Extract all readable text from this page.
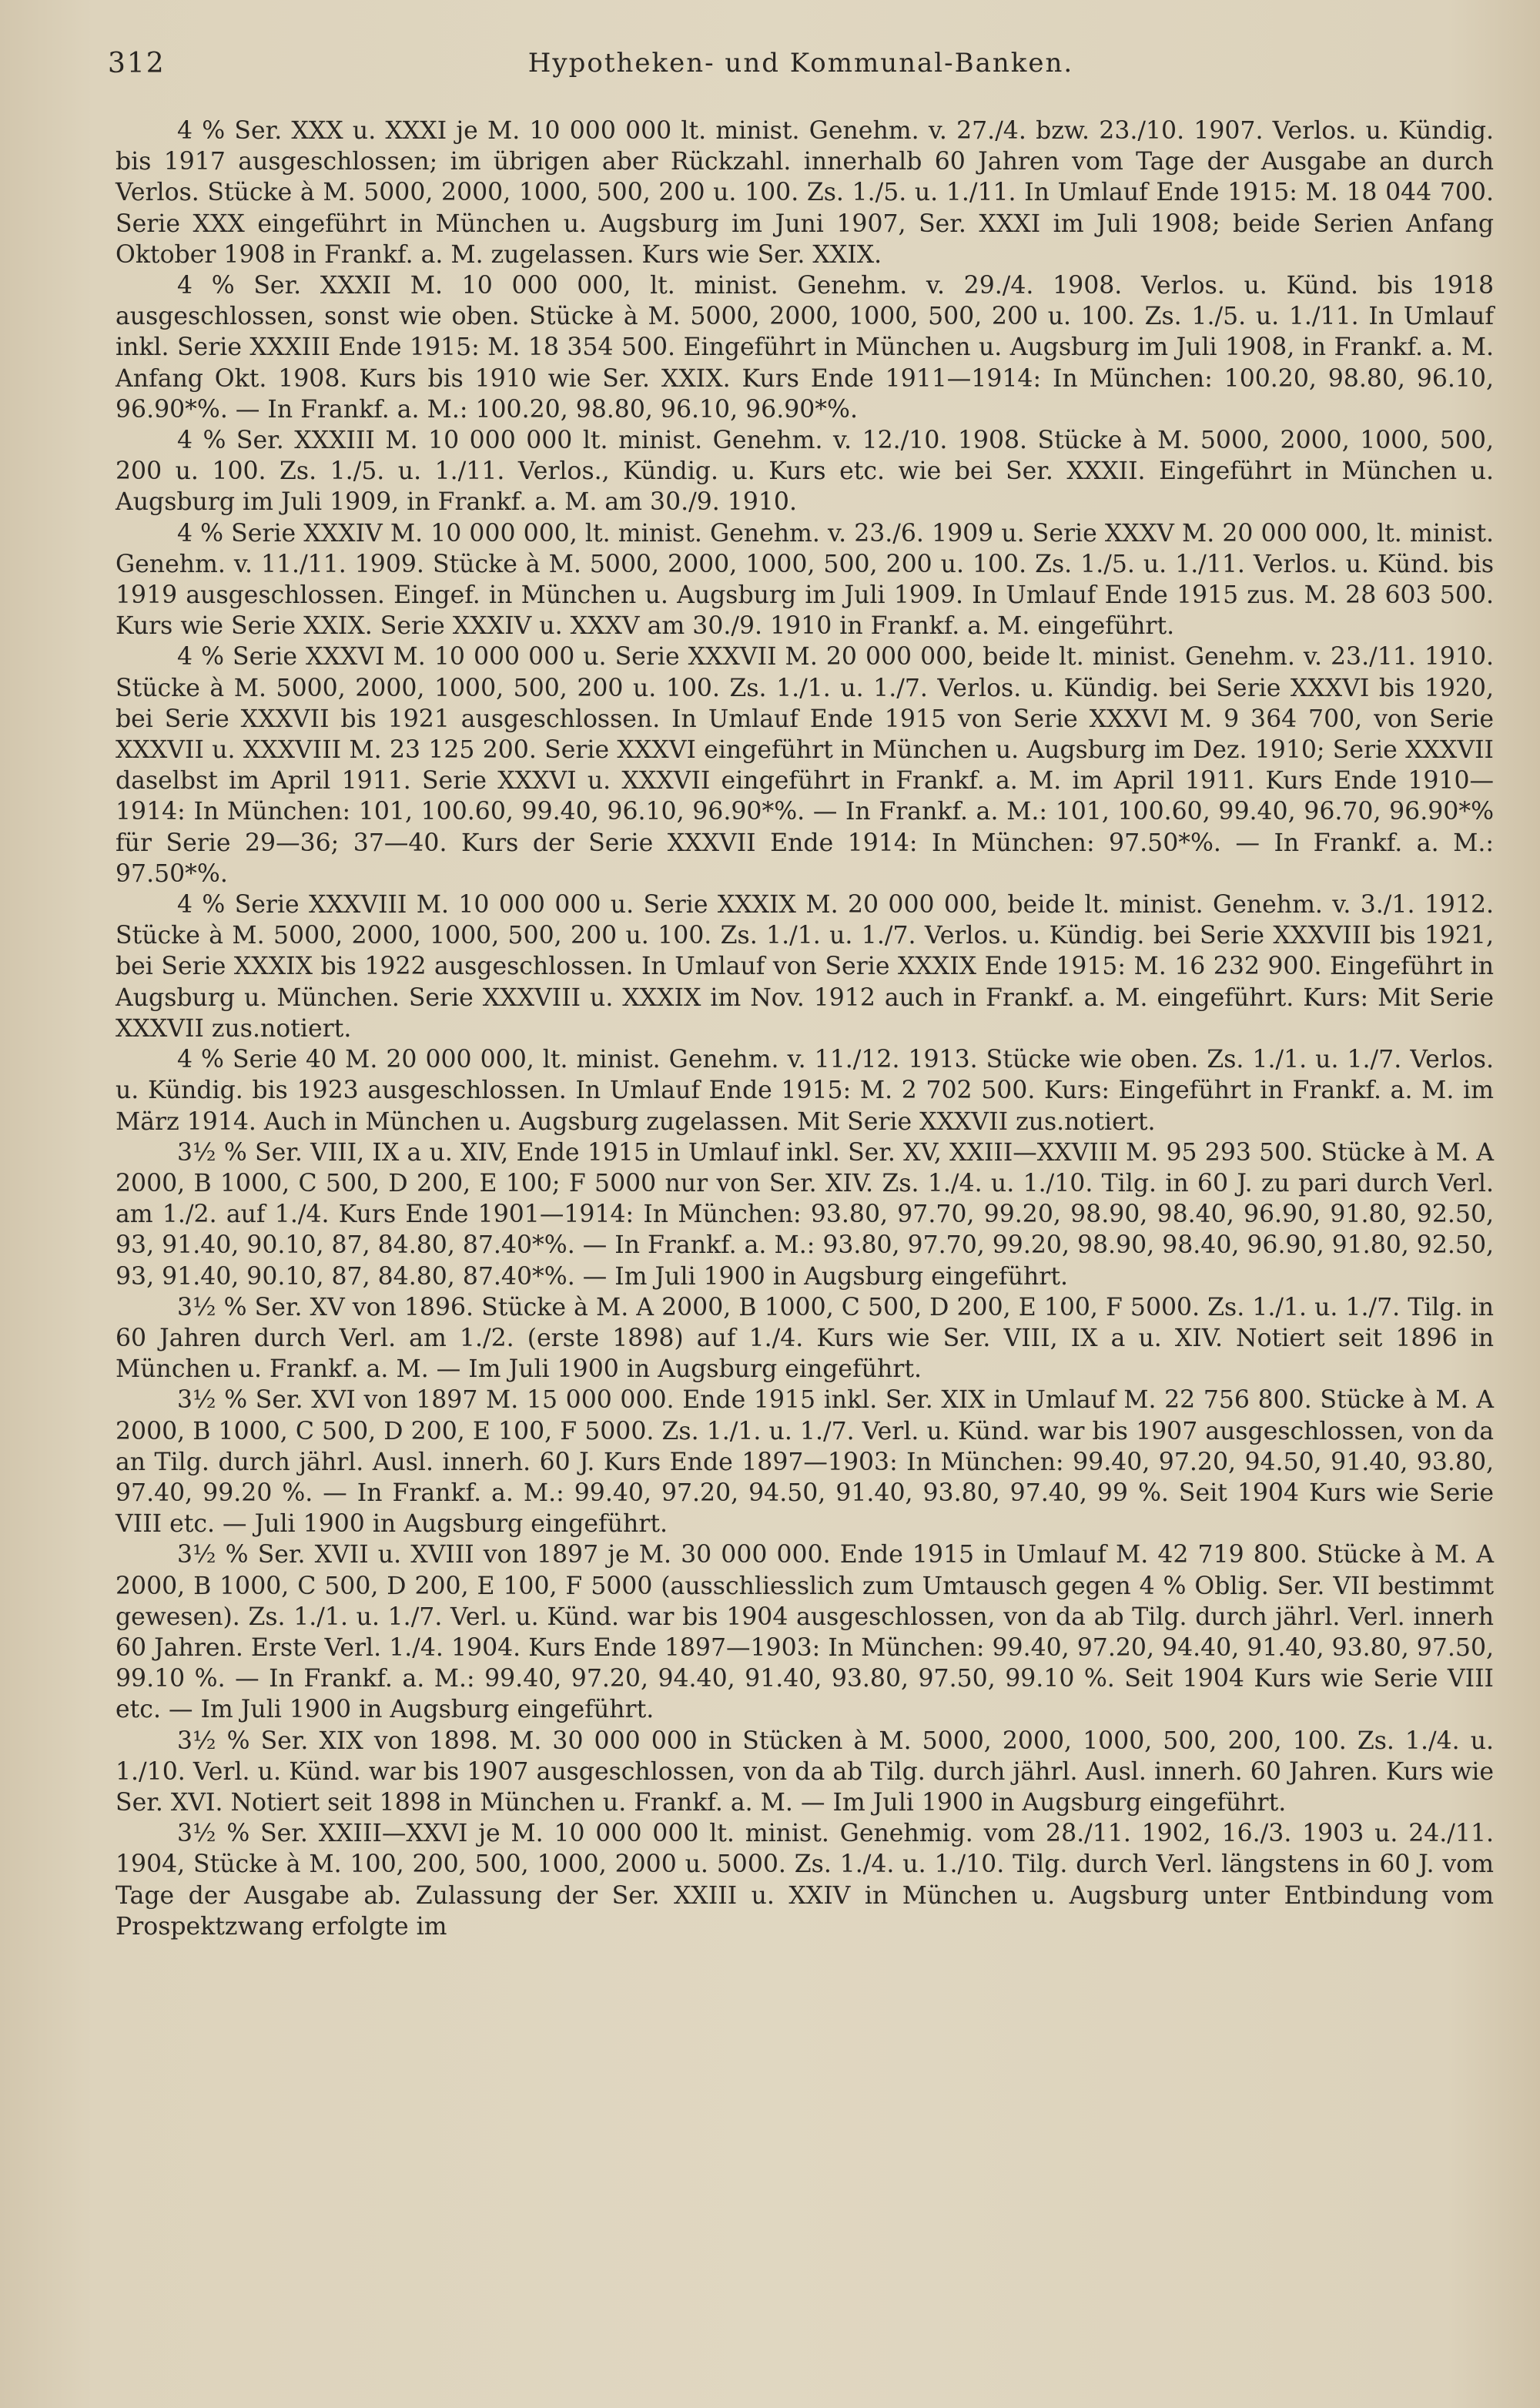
312	Hypotheken- und Kommunal-Banken.

4 % Ser. XXX u. XXXI je M. 10 000 000 lt. minist. Genehm. v. 27./4. bzw. 23./10. 1907. Verlos. u. Kündig. bis 1917 ausgeschlossen; im übrigen aber Rückzahl. innerhalb 60 Jahren vom Tage der Ausgabe an durch Verlos. Stücke à M. 5000, 2000, 1000, 500, 200 u. 100. Zs. 1./5. u. 1./11. In Umlauf Ende 1915: M. 18 044 700. Serie XXX eingeführt in München u. Augsburg im Juni 1907, Ser. XXXI im Juli 1908; beide Serien Anfang Oktober 1908 in Frankf. a. M. zugelassen. Kurs wie Ser. XXIX.

4 % Ser. XXXII M. 10 000 000, lt. minist. Genehm. v. 29./4. 1908. Verlos. u. Künd. bis 1918 ausgeschlossen, sonst wie oben. Stücke à M. 5000, 2000, 1000, 500, 200 u. 100. Zs. 1./5. u. 1./11. In Umlauf inkl. Serie XXXIII Ende 1915: M. 18 354 500. Eingeführt in München u. Augsburg im Juli 1908, in Frankf. a. M. Anfang Okt. 1908. Kurs bis 1910 wie Ser. XXIX. Kurs Ende 1911—1914: In München: 100.20, 98.80, 96.10, 96.90*%. — In Frankf. a. M.: 100.20, 98.80, 96.10, 96.90*%.

4 % Ser. XXXIII M. 10 000 000 lt. minist. Genehm. v. 12./10. 1908. Stücke à M. 5000, 2000, 1000, 500, 200 u. 100. Zs. 1./5. u. 1./11. Verlos., Kündig. u. Kurs etc. wie bei Ser. XXXII. Eingeführt in München u. Augsburg im Juli 1909, in Frankf. a. M. am 30./9. 1910.

4 % Serie XXXIV M. 10 000 000, lt. minist. Genehm. v. 23./6. 1909 u. Serie XXXV M. 20 000 000, lt. minist. Genehm. v. 11./11. 1909. Stücke à M. 5000, 2000, 1000, 500, 200 u. 100. Zs. 1./5. u. 1./11. Verlos. u. Künd. bis 1919 ausgeschlossen. Eingef. in München u. Augsburg im Juli 1909. In Umlauf Ende 1915 zus. M. 28 603 500. Kurs wie Serie XXIX. Serie XXXIV u. XXXV am 30./9. 1910 in Frankf. a. M. eingeführt.

4 % Serie XXXVI M. 10 000 000 u. Serie XXXVII M. 20 000 000, beide lt. minist. Genehm. v. 23./11. 1910. Stücke à M. 5000, 2000, 1000, 500, 200 u. 100. Zs. 1./1. u. 1./7. Verlos. u. Kündig. bei Serie XXXVI bis 1920, bei Serie XXXVII bis 1921 ausgeschlossen. In Umlauf Ende 1915 von Serie XXXVI M. 9 364 700, von Serie XXXVII u. XXXVIII M. 23 125 200. Serie XXXVI eingeführt in München u. Augsburg im Dez. 1910; Serie XXXVII daselbst im April 1911. Serie XXXVI u. XXXVII eingeführt in Frankf. a. M. im April 1911. Kurs Ende 1910—1914: In München: 101, 100.60, 99.40, 96.10, 96.90*%. — In Frankf. a. M.: 101, 100.60, 99.40, 96.70, 96.90*% für Serie 29—36; 37—40. Kurs der Serie XXXVII Ende 1914: In München: 97.50*%. — In Frankf. a. M.: 97.50*%.

4 % Serie XXXVIII M. 10 000 000 u. Serie XXXIX M. 20 000 000, beide lt. minist. Genehm. v. 3./1. 1912. Stücke à M. 5000, 2000, 1000, 500, 200 u. 100. Zs. 1./1. u. 1./7. Verlos. u. Kündig. bei Serie XXXVIII bis 1921, bei Serie XXXIX bis 1922 ausgeschlossen. In Umlauf von Serie XXXIX Ende 1915: M. 16 232 900. Eingeführt in Augsburg u. München. Serie XXXVIII u. XXXIX im Nov. 1912 auch in Frankf. a. M. eingeführt. Kurs: Mit Serie XXXVII zus.notiert.

4 % Serie 40 M. 20 000 000, lt. minist. Genehm. v. 11./12. 1913. Stücke wie oben. Zs. 1./1. u. 1./7. Verlos. u. Kündig. bis 1923 ausgeschlossen. In Umlauf Ende 1915: M. 2 702 500. Kurs: Eingeführt in Frankf. a. M. im März 1914. Auch in München u. Augsburg zugelassen. Mit Serie XXXVII zus.notiert.

3½ % Ser. VIII, IX a u. XIV, Ende 1915 in Umlauf inkl. Ser. XV, XXIII—XXVIII M. 95 293 500. Stücke à M. A 2000, B 1000, C 500, D 200, E 100; F 5000 nur von Ser. XIV. Zs. 1./4. u. 1./10. Tilg. in 60 J. zu pari durch Verl. am 1./2. auf 1./4. Kurs Ende 1901—1914: In München: 93.80, 97.70, 99.20, 98.90, 98.40, 96.90, 91.80, 92.50, 93, 91.40, 90.10, 87, 84.80, 87.40*%. — In Frankf. a. M.: 93.80, 97.70, 99.20, 98.90, 98.40, 96.90, 91.80, 92.50, 93, 91.40, 90.10, 87, 84.80, 87.40*%. — Im Juli 1900 in Augsburg eingeführt.

3½ % Ser. XV von 1896. Stücke à M. A 2000, B 1000, C 500, D 200, E 100, F 5000. Zs. 1./1. u. 1./7. Tilg. in 60 Jahren durch Verl. am 1./2. (erste 1898) auf 1./4. Kurs wie Ser. VIII, IX a u. XIV. Notiert seit 1896 in München u. Frankf. a. M. — Im Juli 1900 in Augsburg eingeführt.

3½ % Ser. XVI von 1897 M. 15 000 000. Ende 1915 inkl. Ser. XIX in Umlauf M. 22 756 800. Stücke à M. A 2000, B 1000, C 500, D 200, E 100, F 5000. Zs. 1./1. u. 1./7. Verl. u. Künd. war bis 1907 ausgeschlossen, von da an Tilg. durch jährl. Ausl. innerh. 60 J. Kurs Ende 1897—1903: In München: 99.40, 97.20, 94.50, 91.40, 93.80, 97.40, 99.20 %. — In Frankf. a. M.: 99.40, 97.20, 94.50, 91.40, 93.80, 97.40, 99 %. Seit 1904 Kurs wie Serie VIII etc. — Juli 1900 in Augsburg eingeführt.

3½ % Ser. XVII u. XVIII von 1897 je M. 30 000 000. Ende 1915 in Umlauf M. 42 719 800. Stücke à M. A 2000, B 1000, C 500, D 200, E 100, F 5000 (ausschliesslich zum Umtausch gegen 4 % Oblig. Ser. VII bestimmt gewesen). Zs. 1./1. u. 1./7. Verl. u. Künd. war bis 1904 ausgeschlossen, von da ab Tilg. durch jährl. Verl. innerh 60 Jahren. Erste Verl. 1./4. 1904. Kurs Ende 1897—1903: In München: 99.40, 97.20, 94.40, 91.40, 93.80, 97.50, 99.10 %. — In Frankf. a. M.: 99.40, 97.20, 94.40, 91.40, 93.80, 97.50, 99.10 %. Seit 1904 Kurs wie Serie VIII etc. — Im Juli 1900 in Augsburg eingeführt.

3½ % Ser. XIX von 1898. M. 30 000 000 in Stücken à M. 5000, 2000, 1000, 500, 200, 100. Zs. 1./4. u. 1./10. Verl. u. Künd. war bis 1907 ausgeschlossen, von da ab Tilg. durch jährl. Ausl. innerh. 60 Jahren. Kurs wie Ser. XVI. Notiert seit 1898 in München u. Frankf. a. M. — Im Juli 1900 in Augsburg eingeführt.

3½ % Ser. XXIII—XXVI je M. 10 000 000 lt. minist. Genehmig. vom 28./11. 1902, 16./3. 1903 u. 24./11. 1904, Stücke à M. 100, 200, 500, 1000, 2000 u. 5000. Zs. 1./4. u. 1./10. Tilg. durch Verl. längstens in 60 J. vom Tage der Ausgabe ab. Zulassung der Ser. XXIII u. XXIV in München u. Augsburg unter Entbindung vom Prospektzwang erfolgte im
